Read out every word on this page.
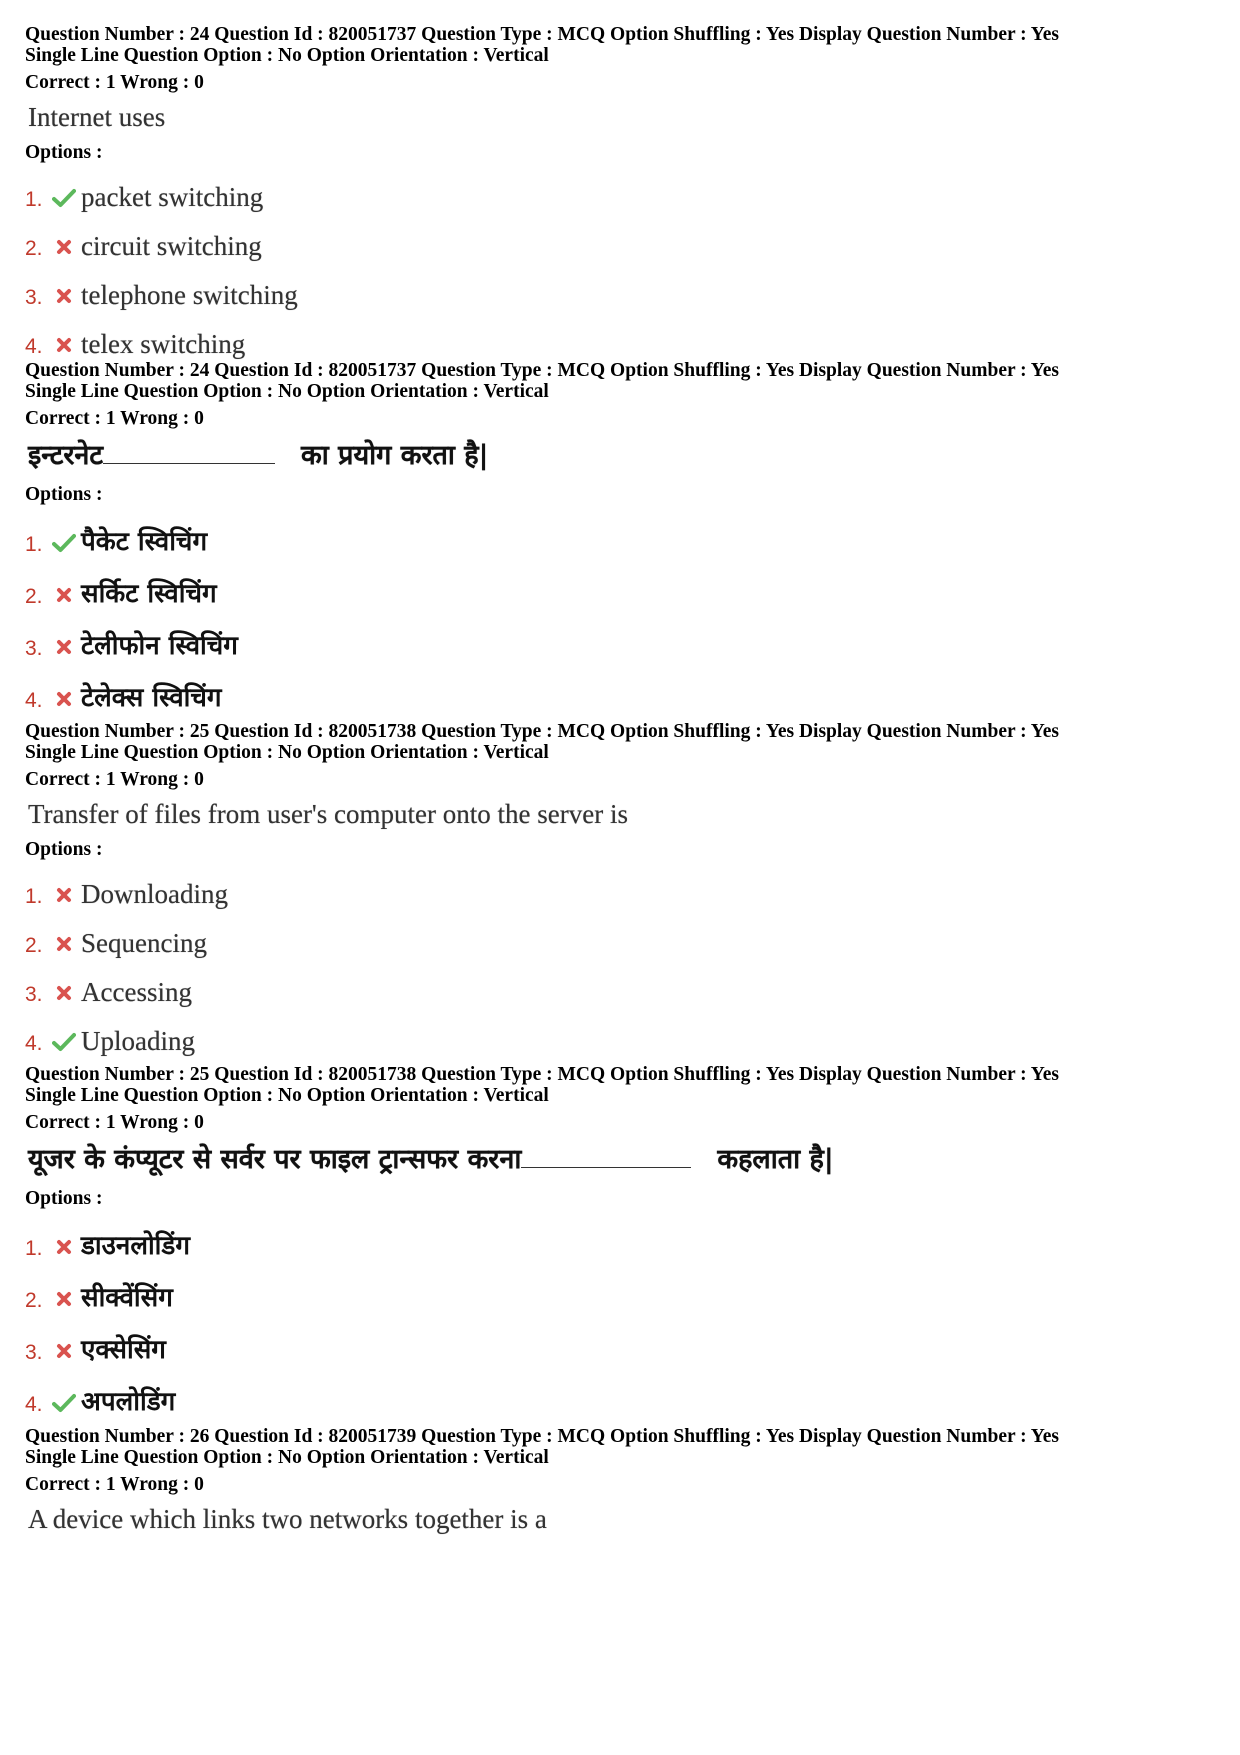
Question Number : 24 Question Id : 820051737 Question Type : MCQ Option Shuffling : Yes Display Question Number : Yes
Single Line Question Option : No Option Orientation : Vertical
Correct : 1 Wrong : 0
Internet uses
Options :
1. packet switching
2. circuit switching
3. telephone switching
4. telex switching
Question Number : 24 Question Id : 820051737 Question Type : MCQ Option Shuffling : Yes Display Question Number : Yes
Single Line Question Option : No Option Orientation : Vertical
Correct : 1 Wrong : 0
इन्टरनेट	का प्रयोग करता है|
Options :
1. पैकेट स्विचिंग
2. सर्किट स्विचिंग
3. टेलीफोन स्विचिंग
4. टेलेक्स स्विचिंग
Question Number : 25 Question Id : 820051738 Question Type : MCQ Option Shuffling : Yes Display Question Number : Yes
Single Line Question Option : No Option Orientation : Vertical
Correct : 1 Wrong : 0
Transfer of files from user's computer onto the server is
Options :
1. Downloading
2. Sequencing
3. Accessing
4. Uploading
Question Number : 25 Question Id : 820051738 Question Type : MCQ Option Shuffling : Yes Display Question Number : Yes
Single Line Question Option : No Option Orientation : Vertical
Correct : 1 Wrong : 0
यूजर के कंप्यूटर से सर्वर पर फाइल ट्रान्सफर करना	कहलाता है|
Options :
1. डाउनलोडिंग
2. सीक्वेंसिंग
3. एक्सेसिंग
4. अपलोडिंग
Question Number : 26 Question Id : 820051739 Question Type : MCQ Option Shuffling : Yes Display Question Number : Yes
Single Line Question Option : No Option Orientation : Vertical
Correct : 1 Wrong : 0
A device which links two networks together is a
